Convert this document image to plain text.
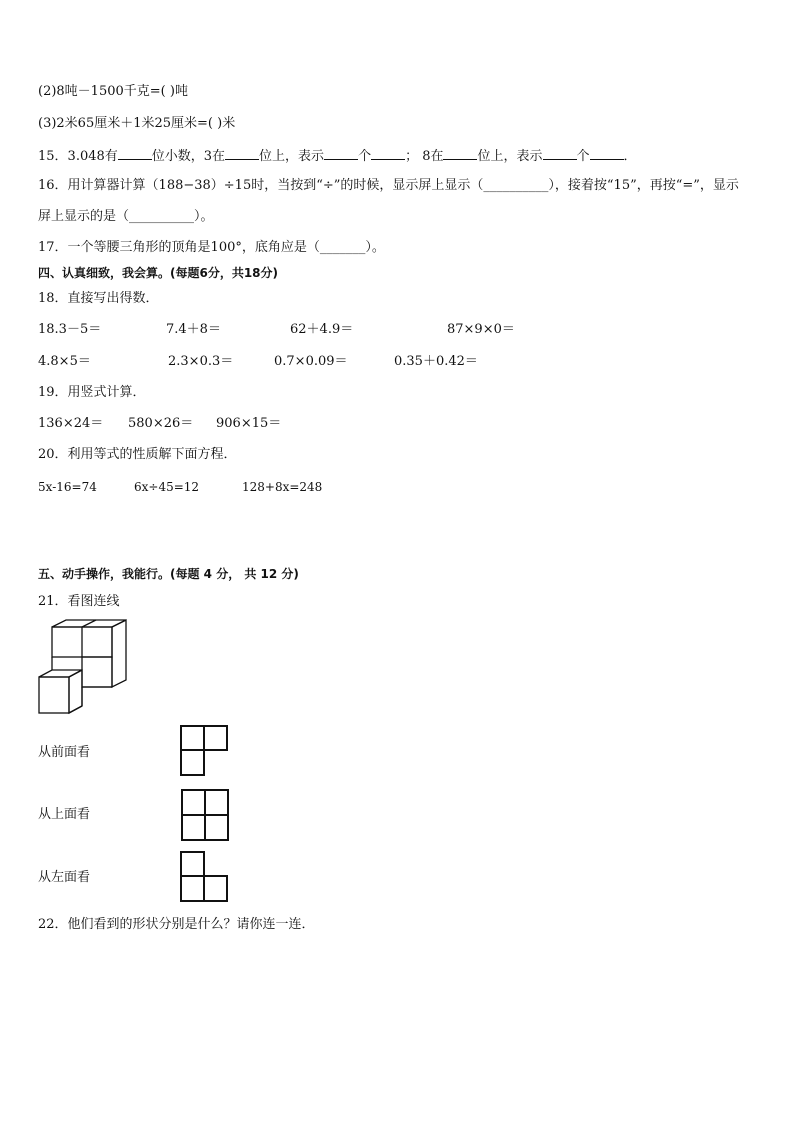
(2)8吨－1500千克=( )吨
(3)2米65厘米＋1米25厘米=( )米
15．3.048有	位小数，3在	位上，表示	个	； 8在	位上，表示	个	．
16．用计算器计算（188−38）÷15时，当按到“÷”的时候，显示屏上显示（__________），接着按“15”，再按“=”，显示
屏上显示的是（__________）。
17．一个等腰三角形的顶角是100°，底角应是（_______）。
四、认真细致，我会算。(每题6分，共18分)
18．直接写出得数．
18.3－5＝	7.4＋8＝	62＋4.9＝	87×9×0＝
4.8×5＝	2.3×0.3＝	0.7×0.09＝	0.35＋0.42＝
19．用竖式计算．
136×24＝ 580×26＝ 906×15＝
20．利用等式的性质解下面方程．
5x-16=74	6x÷45=12	128+8x=248
五、动手操作，我能行。(每题 4 分， 共 12 分)
21．看图连线
从前面看
从上面看
从左面看
22．他们看到的形状分别是什么？请你连一连．
